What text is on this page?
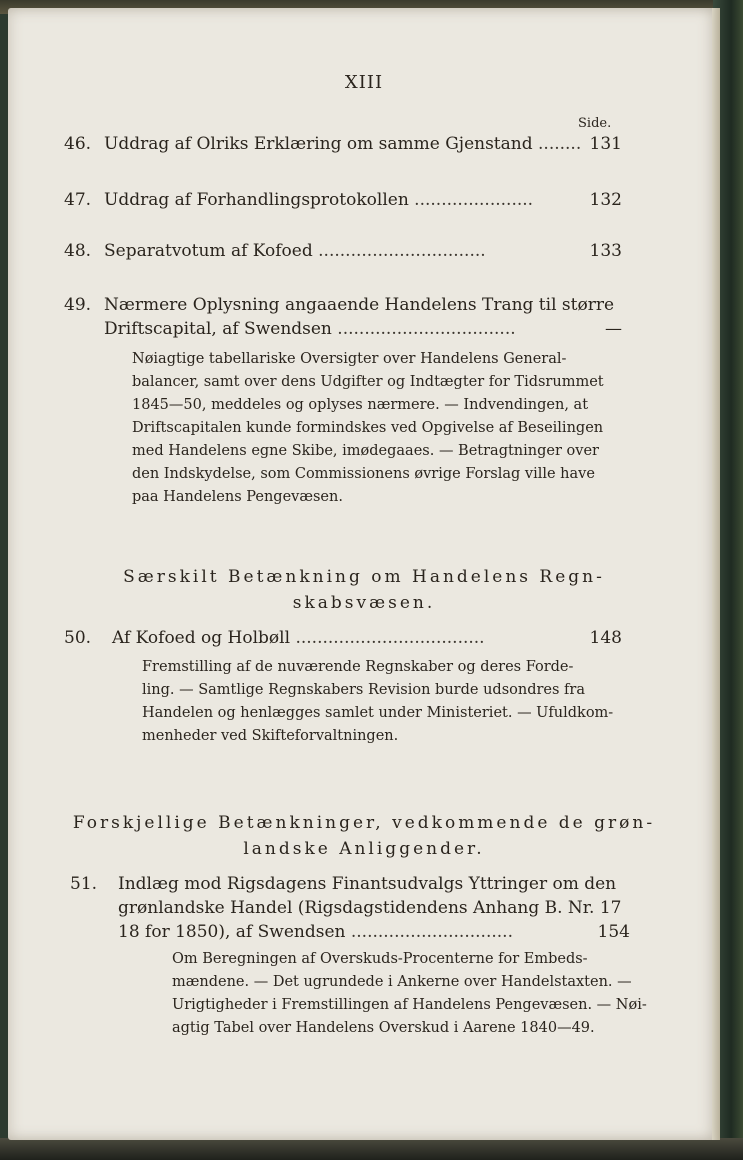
XIII
Side.
46. Uddrag af Olriks Erklæring om samme Gjenstand ........ 131
47. Uddrag af Forhandlingsprotokollen ......................	132
48. Separatvotum af Kofoed ...............................	133
49. Nærmere Oplysning angaaende Handelens Trang til større
Driftscapital, af Swendsen .................................	—
Nøiagtige tabellariske Oversigter over Handelens General-
balancer, samt over dens Udgifter og Indtægter for Tidsrummet
1845—50, meddeles og oplyses nærmere. — Indvendingen, at
Driftscapitalen kunde formindskes ved Opgivelse af Beseilingen
med Handelens egne Skibe, imødegaaes. — Betragtninger over
den Indskydelse, som Commissionens øvrige Forslag ville have
paa Handelens Pengevæsen.
Særskilt Betænkning om Handelens Regn-
skabsvæsen.
50. Af Kofoed og Holbøll ...................................	148
Fremstilling af de nuværende Regnskaber og deres Forde-
ling. — Samtlige Regnskabers Revision burde udsondres fra
Handelen og henlægges samlet under Ministeriet. — Ufuldkom-
menheder ved Skifteforvaltningen.
Forskjellige Betænkninger, vedkommende de grøn-
landske Anliggender.
51. Indlæg mod Rigsdagens Finantsudvalgs Yttringer om den
grønlandske Handel (Rigsdagstidendens Anhang B. Nr. 17
18 for 1850), af Swendsen ..............................	154
Om Beregningen af Overskuds-Procenterne for Embeds-
mændene. — Det ugrundede i Ankerne over Handelstaxten. —
Urigtigheder i Fremstillingen af Handelens Pengevæsen. — Nøi-
agtig Tabel over Handelens Overskud i Aarene 1840—49.
